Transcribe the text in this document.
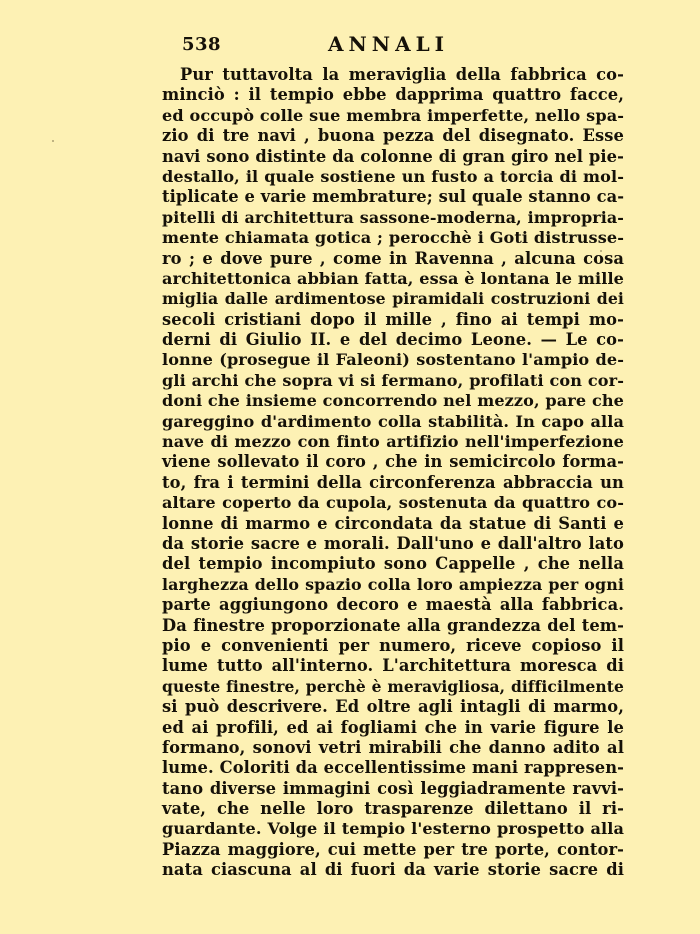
538	ANNALI
Pur tuttavolta la meraviglia della fabbrica co-
minciò : il tempio ebbe dapprima quattro facce,
ed occupò colle sue membra imperfette, nello spa-
zio di tre navi , buona pezza del disegnato. Esse
navi sono distinte da colonne di gran giro nel pie-
destallo, il quale sostiene un fusto a torcia di mol-
tiplicate e varie membrature; sul quale stanno ca-
pitelli di architettura sassone-moderna, impropria-
mente chiamata gotica ; perocchè i Goti distrusse-
ro ; e dove pure , come in Ravenna , alcuna cosa
architettonica abbian fatta, essa è lontana le mille
miglia dalle ardimentose piramidali costruzioni dei
secoli cristiani dopo il mille , fino ai tempi mo-
derni di Giulio II. e del decimo Leone. — Le co-
lonne (prosegue il Faleoni) sostentano l'ampio de-
gli archi che sopra vi si fermano, profilati con cor-
doni che insieme concorrendo nel mezzo, pare che
gareggino d'ardimento colla stabilità. In capo alla
nave di mezzo con finto artifizio nell'imperfezione
viene sollevato il coro , che in semicircolo forma-
to, fra i termini della circonferenza abbraccia un
altare coperto da cupola, sostenuta da quattro co-
lonne di marmo e circondata da statue di Santi e
da storie sacre e morali. Dall'uno e dall'altro lato
del tempio incompiuto sono Cappelle , che nella
larghezza dello spazio colla loro ampiezza per ogni
parte aggiungono decoro e maestà alla fabbrica.
Da finestre proporzionate alla grandezza del tem-
pio e convenienti per numero, riceve copioso il
lume tutto all'interno. L'architettura moresca di
queste finestre, perchè è meravigliosa, difficilmente
si può descrivere. Ed oltre agli intagli di marmo,
ed ai profili, ed ai fogliami che in varie figure le
formano, sonovi vetri mirabili che danno adito al
lume. Coloriti da eccellentissime mani rappresen-
tano diverse immagini così leggiadramente ravvi-
vate, che nelle loro trasparenze dilettano il ri-
guardante. Volge il tempio l'esterno prospetto alla
Piazza maggiore, cui mette per tre porte, contor-
nata ciascuna al di fuori da varie storie sacre di
